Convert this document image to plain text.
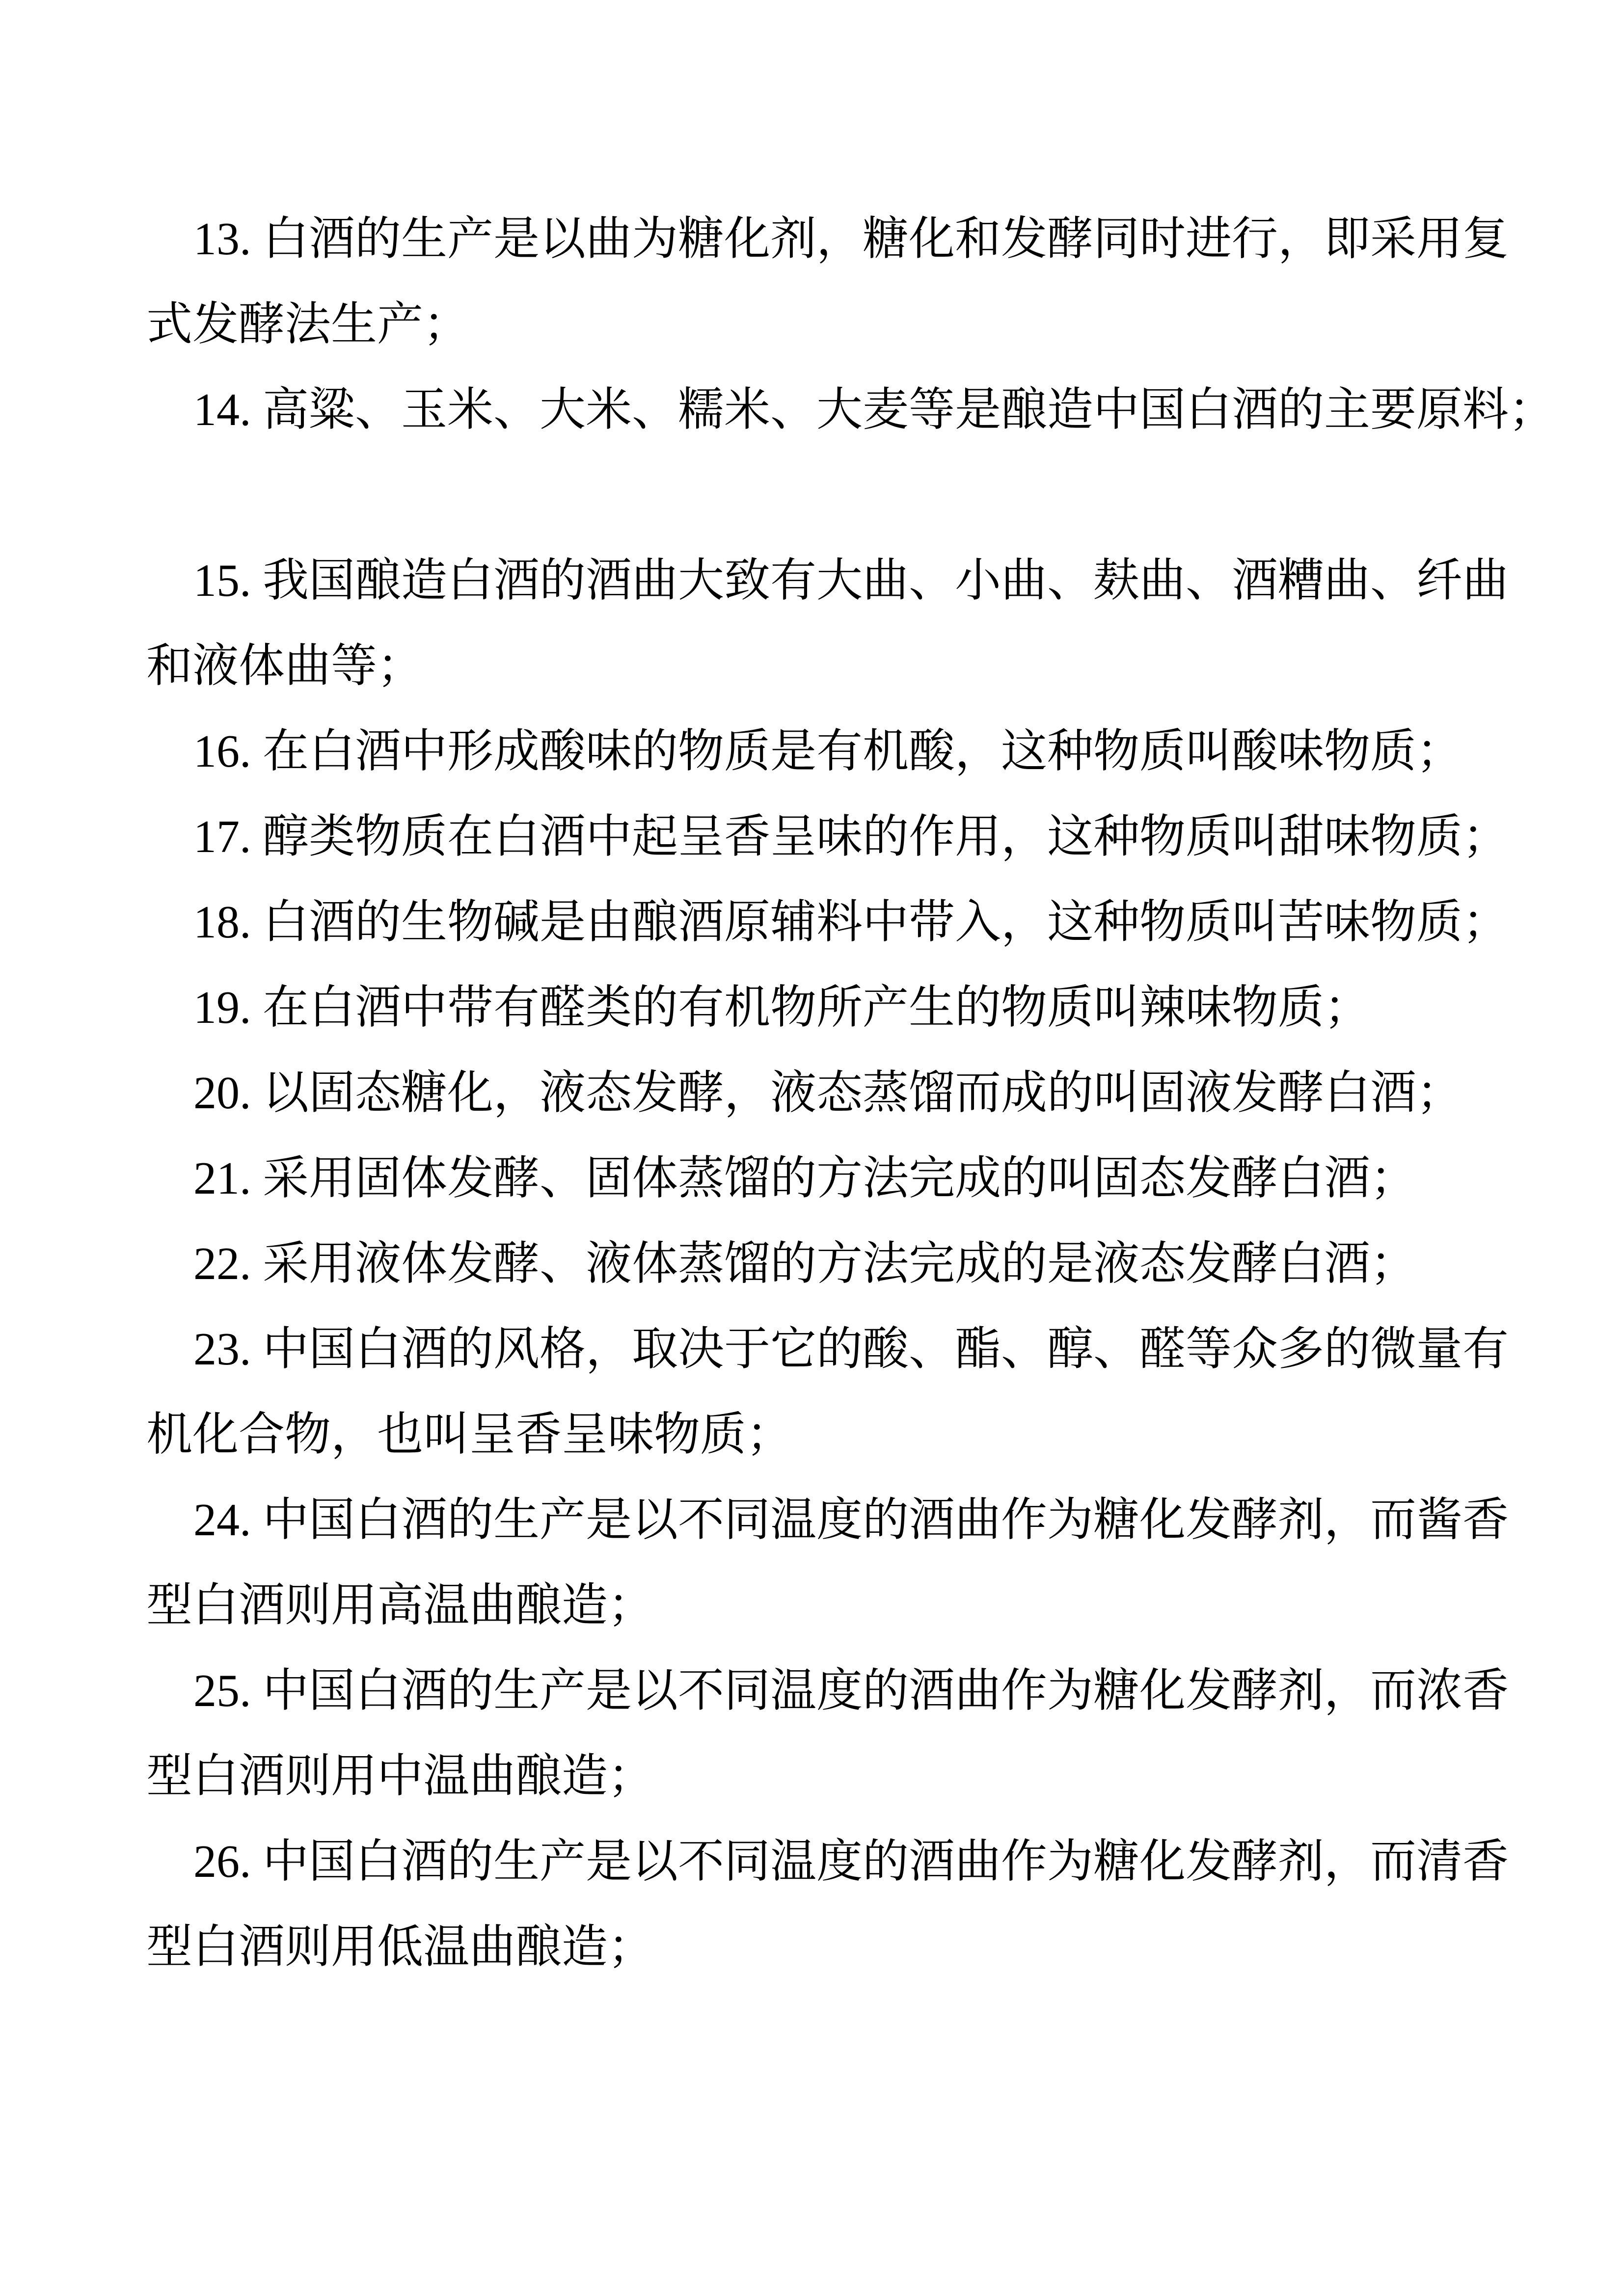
13. 白酒的生产是以曲为糖化剂，糖化和发酵同时进行，即采用复
式发酵法生产；
14. 高粱、玉米、大米、糯米、大麦等是酿造中国白酒的主要原料；
15. 我国酿造白酒的酒曲大致有大曲、小曲、麸曲、酒糟曲、纤曲
和液体曲等；
16. 在白酒中形成酸味的物质是有机酸，这种物质叫酸味物质；
17. 醇类物质在白酒中起呈香呈味的作用，这种物质叫甜味物质；
18. 白酒的生物碱是由酿酒原辅料中带入，这种物质叫苦味物质；
19. 在白酒中带有醛类的有机物所产生的物质叫辣味物质；
20. 以固态糖化，液态发酵，液态蒸馏而成的叫固液发酵白酒；
21. 采用固体发酵、固体蒸馏的方法完成的叫固态发酵白酒；
22. 采用液体发酵、液体蒸馏的方法完成的是液态发酵白酒；
23. 中国白酒的风格，取决于它的酸、酯、醇、醛等众多的微量有
机化合物，也叫呈香呈味物质；
24. 中国白酒的生产是以不同温度的酒曲作为糖化发酵剂，而酱香
型白酒则用高温曲酿造；
25. 中国白酒的生产是以不同温度的酒曲作为糖化发酵剂，而浓香
型白酒则用中温曲酿造；
26. 中国白酒的生产是以不同温度的酒曲作为糖化发酵剂，而清香
型白酒则用低温曲酿造；
